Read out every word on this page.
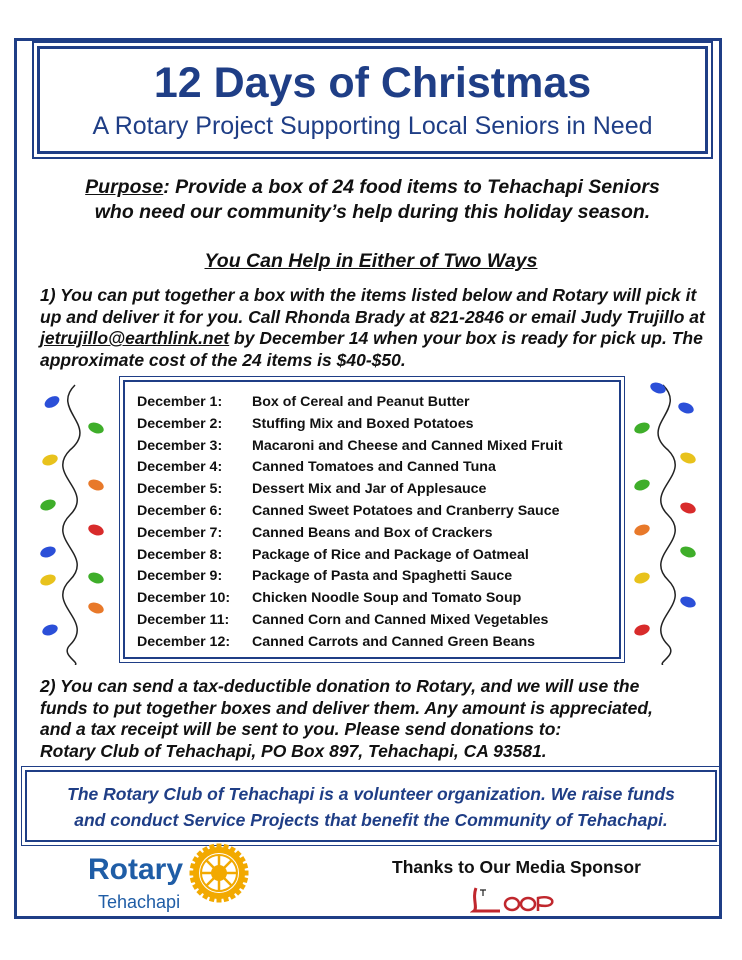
12 Days of Christmas
A Rotary Project Supporting Local Seniors in Need
Purpose: Provide a box of 24 food items to Tehachapi Seniors
who need our community’s help during this holiday season.
You Can Help in Either of Two Ways
1) You can put together a box with the items listed below and Rotary will pick it up and deliver it for you. Call Rhonda Brady at 821-2846 or email Judy Trujillo at jetrujillo@earthlink.net by December 14 when your box is ready for pick up. The approximate cost of the 24 items is $40-$50.
December 1:	Box of Cereal and Peanut Butter
December 2:	Stuffing Mix and Boxed Potatoes
December 3:	Macaroni and Cheese and Canned Mixed Fruit
December 4:	Canned Tomatoes and Canned Tuna
December 5:	Dessert Mix and Jar of Applesauce
December 6:	Canned Sweet Potatoes and Cranberry Sauce
December 7:	Canned Beans and Box of Crackers
December 8:	Package of Rice and Package of Oatmeal
December 9:	Package of Pasta and Spaghetti Sauce
December 10:	Chicken Noodle Soup and Tomato Soup
December 11:	Canned Corn and Canned Mixed Vegetables
December 12:	Canned Carrots and Canned Green Beans
2) You can send a tax-deductible donation to Rotary, and we will use the
funds to put together boxes and deliver them. Any amount is appreciated,
and a tax receipt will be sent to you. Please send donations to:
Rotary Club of Tehachapi, PO Box 897, Tehachapi, CA 93581.
The Rotary Club of Tehachapi is a volunteer organization. We raise funds
and conduct Service Projects that benefit the Community of Tehachapi.
Rotary
Tehachapi
Thanks to Our Media Sponsor
